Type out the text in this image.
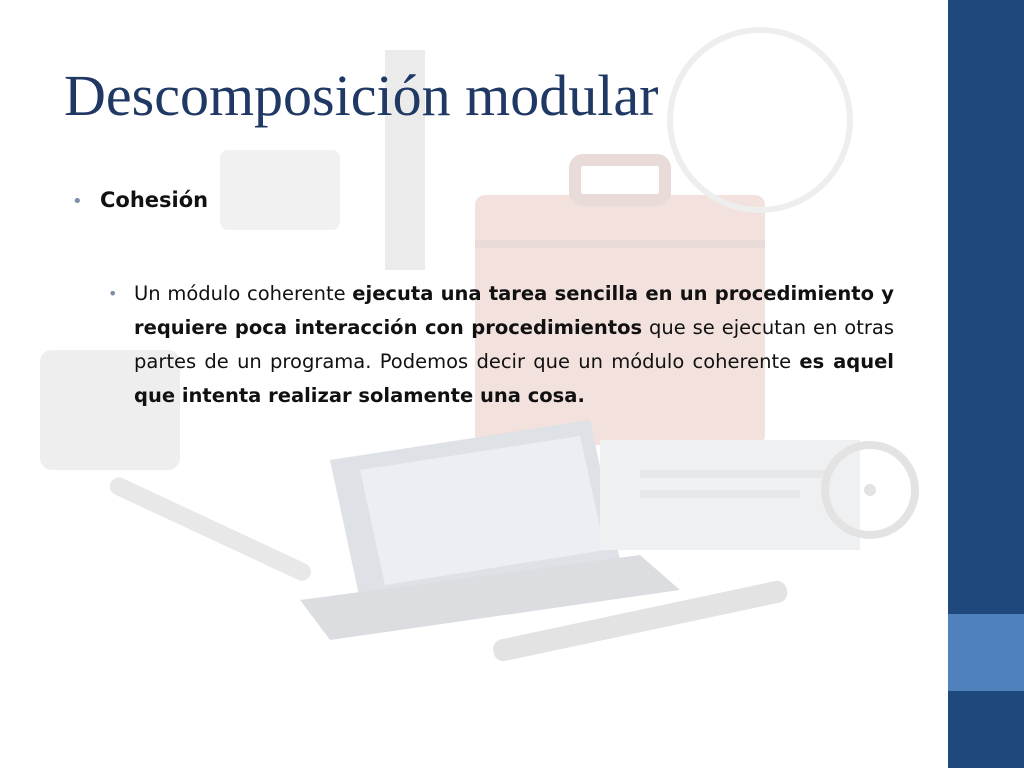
Descomposición modular
• Cohesión
• Un módulo coherente ejecuta una tarea sencilla en un procedimiento y requiere poca interacción con procedimientos que se ejecutan en otras partes de un programa. Podemos decir que un módulo coherente es aquel que intenta realizar solamente una cosa.
